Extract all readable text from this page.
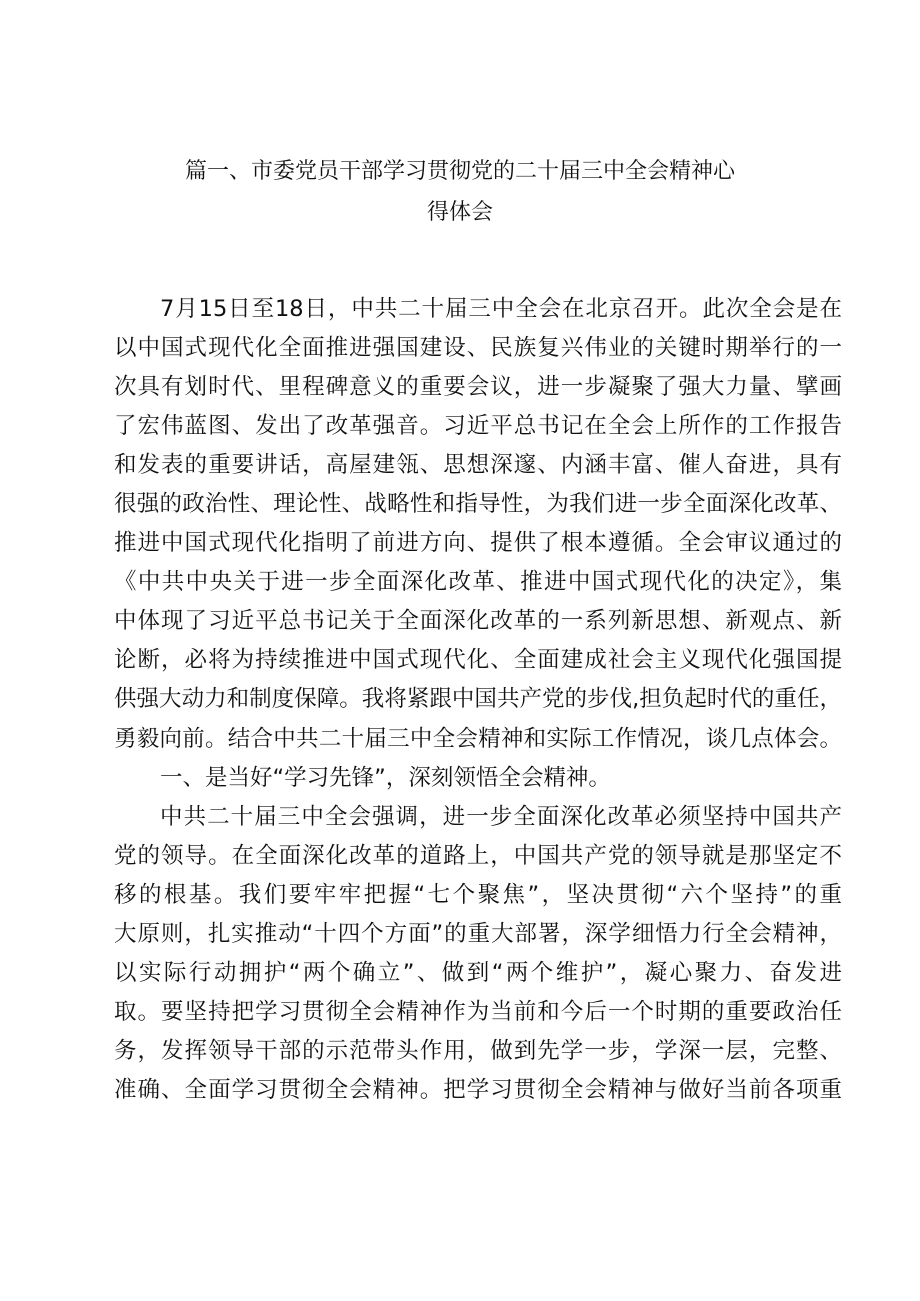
篇一、市委党员干部学习贯彻党的二十届三中全会精神心
得体会
7月15日至18日，中共二十届三中全会在北京召开。此次全会是在
以中国式现代化全面推进强国建设、民族复兴伟业的关键时期举行的一
次具有划时代、里程碑意义的重要会议，进一步凝聚了强大力量、擘画
了宏伟蓝图、发出了改革强音。习近平总书记在全会上所作的工作报告
和发表的重要讲话，高屋建瓴、思想深邃、内涵丰富、催人奋进，具有
很强的政治性、理论性、战略性和指导性，为我们进一步全面深化改革、
推进中国式现代化指明了前进方向、提供了根本遵循。全会审议通过的
《中共中央关于进一步全面深化改革、推进中国式现代化的决定》，集
中体现了习近平总书记关于全面深化改革的一系列新思想、新观点、新
论断，必将为持续推进中国式现代化、全面建成社会主义现代化强国提
供强大动力和制度保障。我将紧跟中国共产党的步伐,担负起时代的重任，
勇毅向前。结合中共二十届三中全会精神和实际工作情况，谈几点体会。
一、是当好“学习先锋”，深刻领悟全会精神。
中共二十届三中全会强调，进一步全面深化改革必须坚持中国共产
党的领导。在全面深化改革的道路上，中国共产党的领导就是那坚定不
移的根基。我们要牢牢把握“七个聚焦”，坚决贯彻“六个坚持”的重
大原则，扎实推动“十四个方面”的重大部署，深学细悟力行全会精神，
以实际行动拥护“两个确立”、做到“两个维护”，凝心聚力、奋发进
取。要坚持把学习贯彻全会精神作为当前和今后一个时期的重要政治任
务，发挥领导干部的示范带头作用，做到先学一步，学深一层，完整、
准确、全面学习贯彻全会精神。把学习贯彻全会精神与做好当前各项重
